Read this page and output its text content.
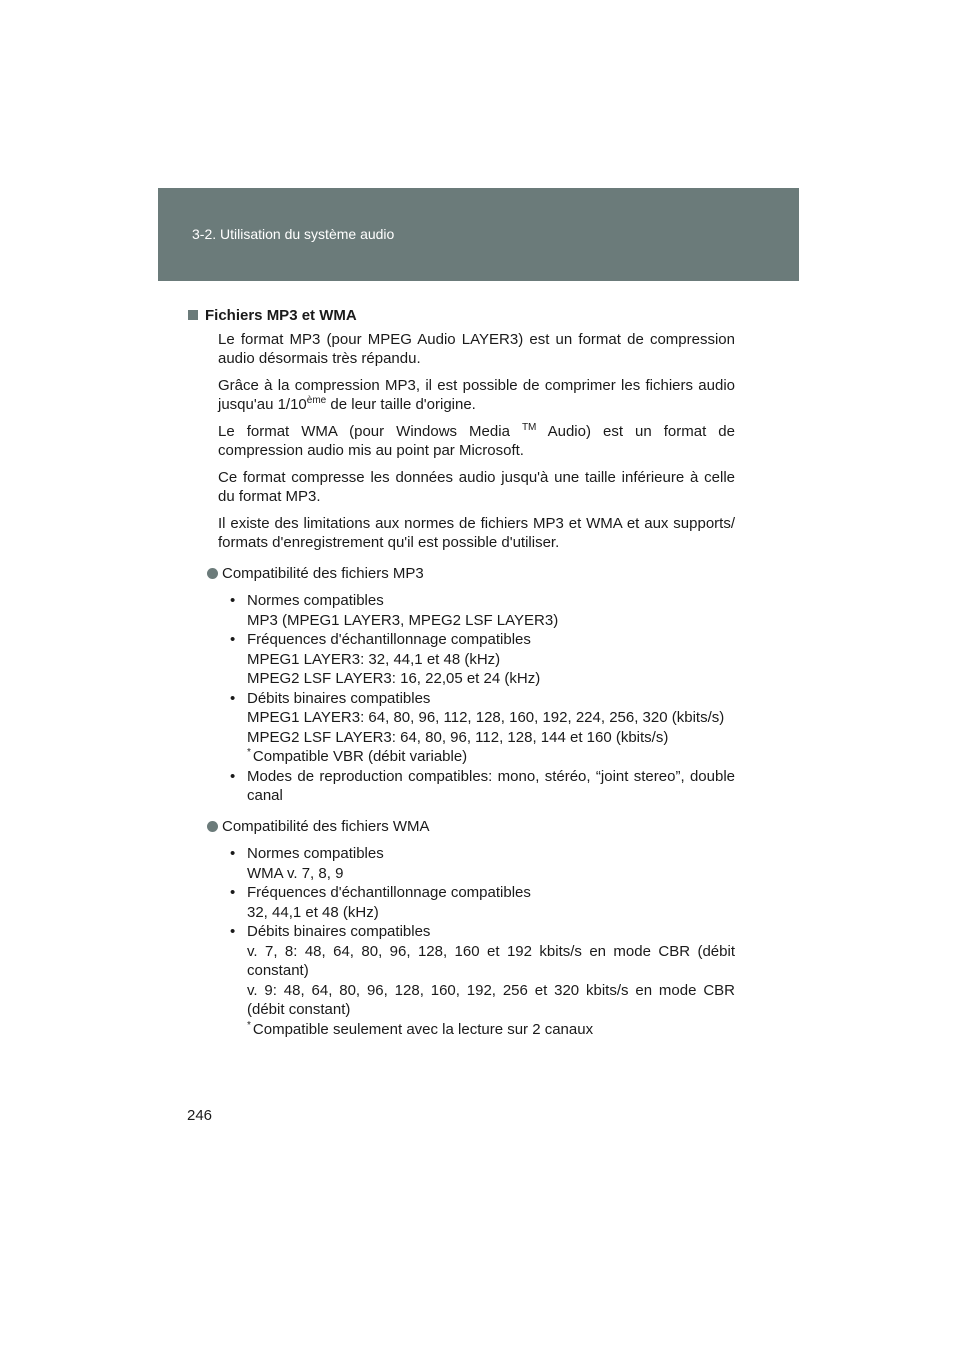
3-2. Utilisation du système audio
Fichiers MP3 et WMA

Le format MP3 (pour MPEG Audio LAYER3) est un format de compression audio désormais très répandu.

Grâce à la compression MP3, il est possible de comprimer les fichiers audio jusqu'au 1/10ème de leur taille d'origine.

Le format WMA (pour Windows Media ™ Audio) est un format de compression audio mis au point par Microsoft.

Ce format compresse les données audio jusqu'à une taille inférieure à celle du format MP3.

Il existe des limitations aux normes de fichiers MP3 et WMA et aux supports/ formats d'enregistrement qu'il est possible d'utiliser.

Compatibilité des fichiers MP3
• Normes compatibles
MP3 (MPEG1 LAYER3, MPEG2 LSF LAYER3)
• Fréquences d'échantillonnage compatibles
MPEG1 LAYER3: 32, 44,1 et 48 (kHz)
MPEG2 LSF LAYER3: 16, 22,05 et 24 (kHz)
• Débits binaires compatibles
MPEG1 LAYER3: 64, 80, 96, 112, 128, 160, 192, 224, 256, 320 (kbits/s)
MPEG2 LSF LAYER3: 64, 80, 96, 112, 128, 144 et 160 (kbits/s)
* Compatible VBR (débit variable)
• Modes de reproduction compatibles: mono, stéréo, “joint stereo”, double canal
Compatibilité des fichiers WMA
• Normes compatibles
WMA v. 7, 8, 9
• Fréquences d'échantillonnage compatibles
32, 44,1 et 48 (kHz)
• Débits binaires compatibles
v. 7, 8: 48, 64, 80, 96, 128, 160 et 192 kbits/s en mode CBR (débit constant)
v. 9: 48, 64, 80, 96, 128, 160, 192, 256 et 320 kbits/s en mode CBR (débit constant)
* Compatible seulement avec la lecture sur 2 canaux
246
